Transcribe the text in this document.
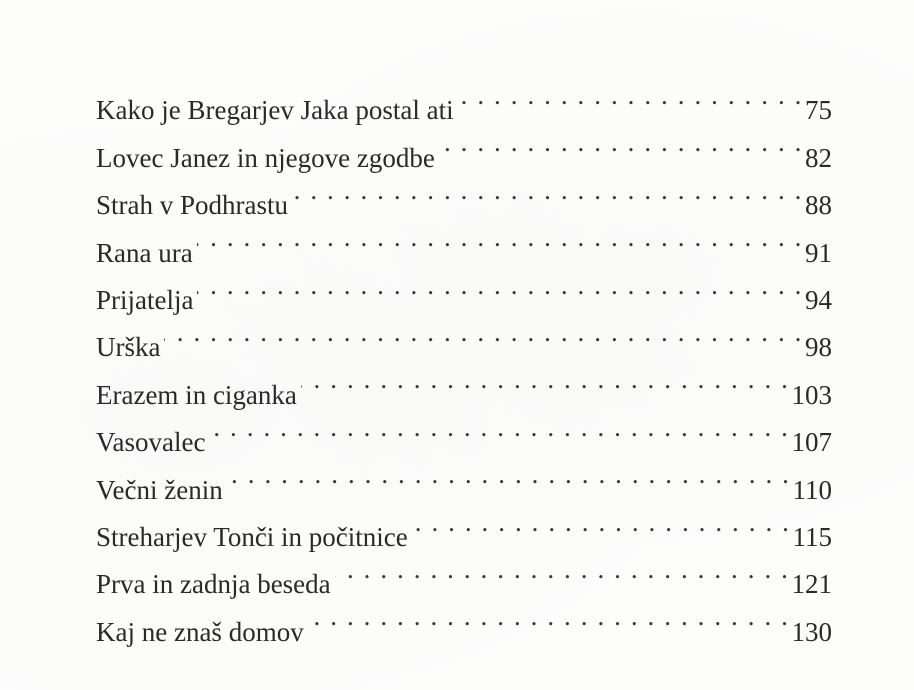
Kako je Bregarjev Jaka postal ati . . .	75
Lovec Janez in njegove zgodbe . . .	82
Strah v Podhrastu . . .	88
Rana ura . . .	91
Prijatelja . . .	94
Urška . . .	98
Erazem in ciganka . . .	103
Vasovalec . . .	107
Večni ženin . . .	110
Streharjev Tonči in počitnice . . .	115
Prva in zadnja beseda . . .	121
Kaj ne znaš domov . . .	130
